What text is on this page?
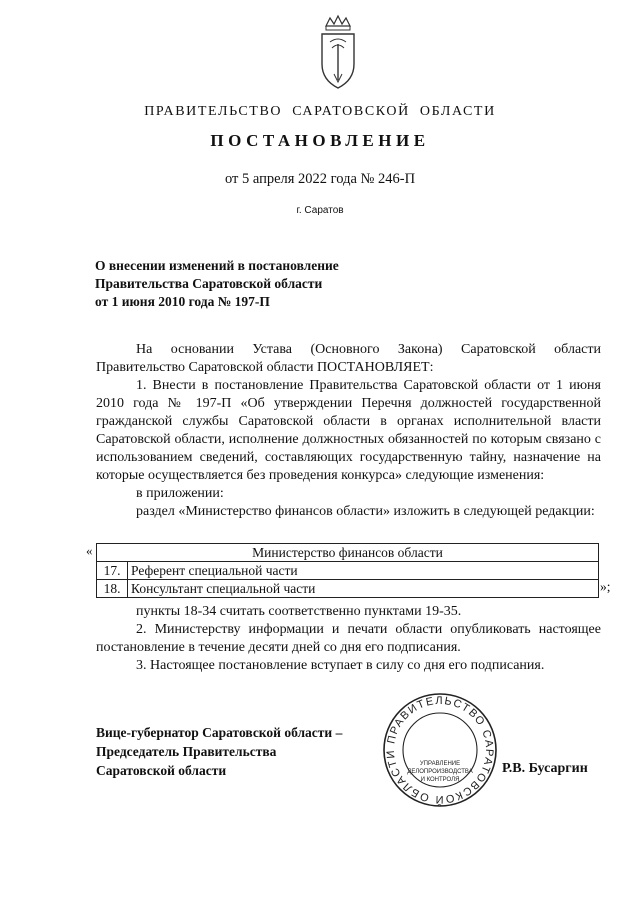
ПРАВИТЕЛЬСТВО САРАТОВСКОЙ ОБЛАСТИ
ПОСТАНОВЛЕНИЕ
от 5 апреля 2022 года № 246-П
г. Саратов
О внесении изменений в постановление
Правительства Саратовской области
от 1 июня 2010 года № 197-П

На основании Устава (Основного Закона) Саратовской области Правительство Саратовской области ПОСТАНОВЛЯЕТ:

1. Внести в постановление Правительства Саратовской области от 1 июня 2010 года № 197-П «Об утверждении Перечня должностей государственной гражданской службы Саратовской области в органах исполнительной власти Саратовской области, исполнение должностных обязанностей по которым связано с использованием сведений, составляющих государственную тайну, назначение на которые осуществляется без проведения конкурса» следующие изменения:

в приложении:

раздел «Министерство финансов области» изложить в следующей редакции:

«	Министерство финансов области	
17.	Референт специальной части
18.	Консультант специальной части	»;

пункты 18-34 считать соответственно пунктами 19-35.

2. Министерству информации и печати области опубликовать настоящее постановление в течение десяти дней со дня его подписания.

3. Настоящее постановление вступает в силу со дня его подписания.

Вице-губернатор Саратовской области –
Председатель Правительства
Саратовской области
ПРАВИТЕЛЬСТВО САРАТОВСКОЙ ОБЛАСТИ
УПРАВЛЕНИЕ
ДЕЛОПРОИЗВОДСТВА
И КОНТРОЛЯ
Р.В. Бусаргин
